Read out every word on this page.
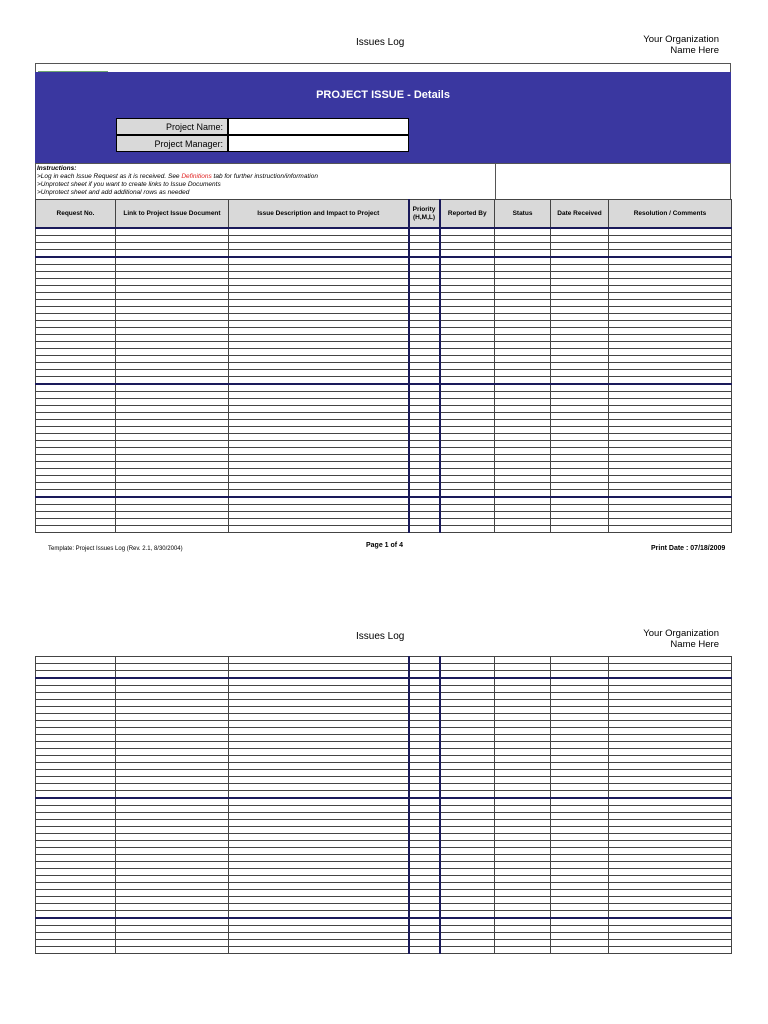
Issues Log	Your Organization
Name Here
PROJECT ISSUE - Details
Project Name:
Project Manager:
Instructions:
>Log in each Issue Request as it is received. See Definitions tab for further instruction/information
>Unprotect sheet if you want to create links to Issue Documents
>Unprotect sheet and add additional rows as needed
Request No.	Link to Project Issue Document	Issue Description and Impact to Project	Priority (H,M,L)	Reported By	Status	Date Received	Resolution / Comments

Template: Project Issues Log (Rev. 2.1, 8/30/2004)	Page 1 of 4	Print Date : 07/18/2009
Issues Log	Your Organization
Name Here
